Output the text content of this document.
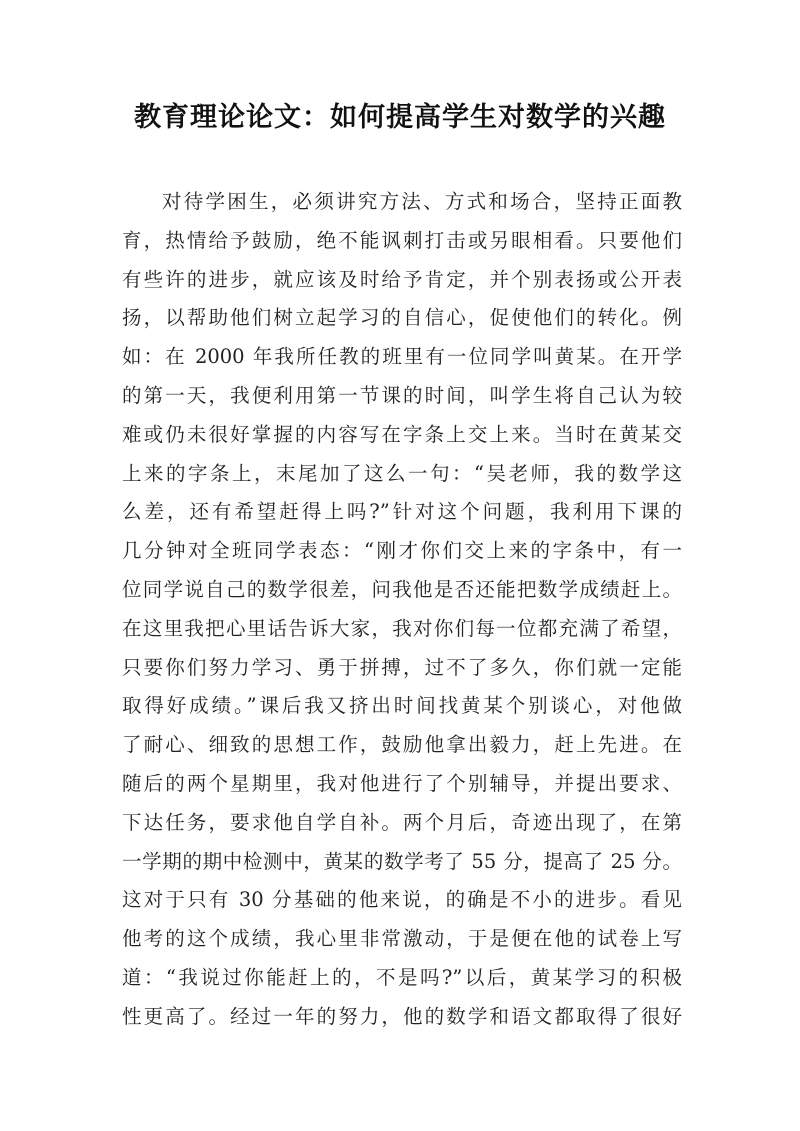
教育理论论文：如何提高学生对数学的兴趣
对待学困生，必须讲究方法、方式和场合，坚持正面教
育，热情给予鼓励，绝不能讽刺打击或另眼相看。只要他们
有些许的进步，就应该及时给予肯定，并个别表扬或公开表
扬，以帮助他们树立起学习的自信心，促使他们的转化。例
如：在 2000 年我所任教的班里有一位同学叫黄某。在开学
的第一天，我便利用第一节课的时间，叫学生将自己认为较
难或仍未很好掌握的内容写在字条上交上来。当时在黄某交
上来的字条上，末尾加了这么一句：“吴老师，我的数学这
么差，还有希望赶得上吗?”针对这个问题，我利用下课的
几分钟对全班同学表态：“刚才你们交上来的字条中，有一
位同学说自己的数学很差，问我他是否还能把数学成绩赶上。
在这里我把心里话告诉大家，我对你们每一位都充满了希望，
只要你们努力学习、勇于拼搏，过不了多久，你们就一定能
取得好成绩。”课后我又挤出时间找黄某个别谈心，对他做
了耐心、细致的思想工作，鼓励他拿出毅力，赶上先进。在
随后的两个星期里，我对他进行了个别辅导，并提出要求、
下达任务，要求他自学自补。两个月后，奇迹出现了，在第
一学期的期中检测中，黄某的数学考了 55 分，提高了 25 分。
这对于只有 30 分基础的他来说，的确是不小的进步。看见
他考的这个成绩，我心里非常激动，于是便在他的试卷上写
道：“我说过你能赶上的，不是吗?”以后，黄某学习的积极
性更高了。经过一年的努力，他的数学和语文都取得了很好
